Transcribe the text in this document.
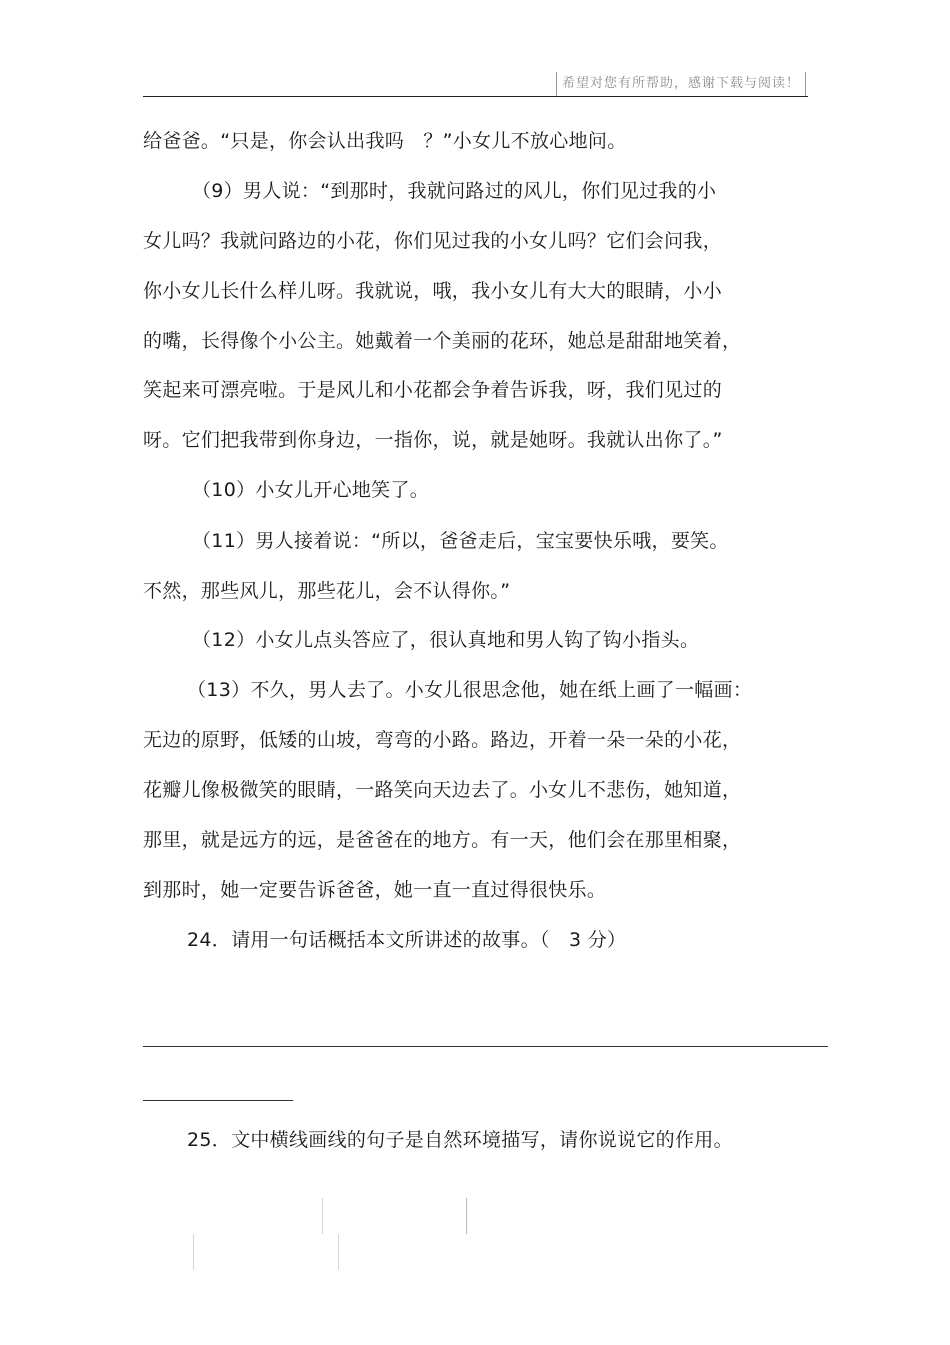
希望对您有所帮助，感谢下载与阅读！
给爸爸。“只是，你会认出我吗　？”小女儿不放心地问。
（9）男人说：“到那时，我就问路过的风儿，你们见过我的小
女儿吗？我就问路边的小花，你们见过我的小女儿吗？它们会问我，
你小女儿长什么样儿呀。我就说，哦，我小女儿有大大的眼睛，小小
的嘴，长得像个小公主。她戴着一个美丽的花环，她总是甜甜地笑着，
笑起来可漂亮啦。于是风儿和小花都会争着告诉我，呀，我们见过的
呀。它们把我带到你身边，一指你，说，就是她呀。我就认出你了。”
（10）小女儿开心地笑了。
（11）男人接着说：“所以，爸爸走后，宝宝要快乐哦，要笑。
不然，那些风儿，那些花儿，会不认得你。”
（12）小女儿点头答应了，很认真地和男人钩了钩小指头。
（13）不久，男人去了。小女儿很思念他，她在纸上画了一幅画：
无边的原野，低矮的山坡，弯弯的小路。路边，开着一朵一朵的小花，
花瓣儿像极微笑的眼睛，一路笑向天边去了。小女儿不悲伤，她知道，
那里，就是远方的远，是爸爸在的地方。有一天，他们会在那里相聚，
到那时，她一定要告诉爸爸，她一直一直过得很快乐。
24．请用一句话概括本文所讲述的故事。（　3 分）
25．文中横线画线的句子是自然环境描写，请你说说它的作用。
